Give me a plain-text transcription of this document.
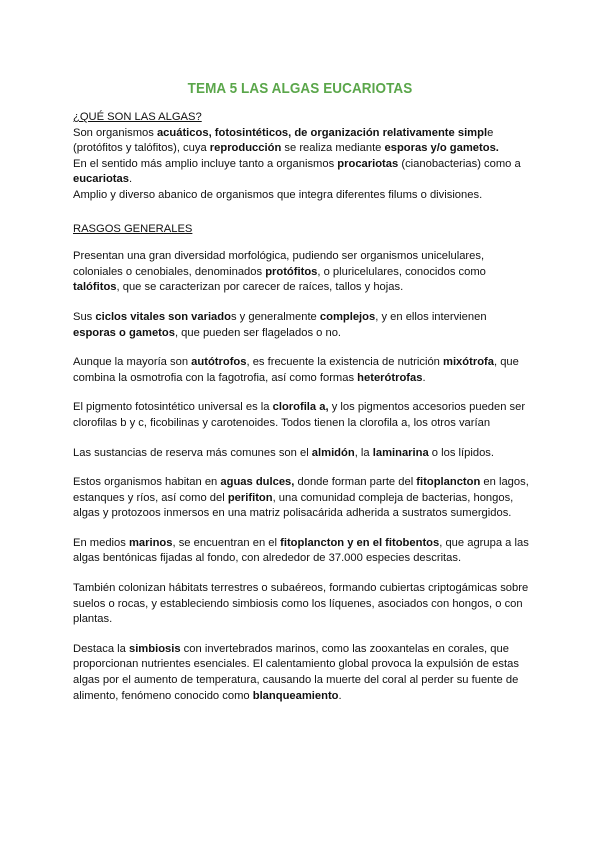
TEMA 5 LAS ALGAS EUCARIOTAS

¿QUÉ SON LAS ALGAS?

Son organismos acuáticos, fotosintéticos, de organización relativamente simple
(protófitos y talófitos), cuya reproducción se realiza mediante esporas y/o gametos.
En el sentido más amplio incluye tanto a organismos procariotas (cianobacterias) como a
eucariotas.
Amplio y diverso abanico de organismos que integra diferentes filums o divisiones.

RASGOS GENERALES

Presentan una gran diversidad morfológica, pudiendo ser organismos unicelulares,
coloniales o cenobiales, denominados protófitos, o pluricelulares, conocidos como
talófitos, que se caracterizan por carecer de raíces, tallos y hojas.
Sus ciclos vitales son variados y generalmente complejos, y en ellos intervienen
esporas o gametos, que pueden ser flagelados o no.
Aunque la mayoría son autótrofos, es frecuente la existencia de nutrición mixótrofa, que
combina la osmotrofia con la fagotrofia, así como formas heterótrofas.
El pigmento fotosintético universal es la clorofila a, y los pigmentos accesorios pueden ser
clorofilas b y c, ficobilinas y carotenoides. Todos tienen la clorofila a, los otros varían
Las sustancias de reserva más comunes son el almidón, la laminarina o los lípidos.
Estos organismos habitan en aguas dulces, donde forman parte del fitoplancton en lagos,
estanques y ríos, así como del perifiton, una comunidad compleja de bacterias, hongos,
algas y protozoos inmersos en una matriz polisacárida adherida a sustratos sumergidos.
En medios marinos, se encuentran en el fitoplancton y en el fitobentos, que agrupa a las
algas bentónicas fijadas al fondo, con alrededor de 37.000 especies descritas.
También colonizan hábitats terrestres o subaéreos, formando cubiertas criptogámicas sobre
suelos o rocas, y estableciendo simbiosis como los líquenes, asociados con hongos, o con
plantas.
Destaca la simbiosis con invertebrados marinos, como las zooxantelas en corales, que
proporcionan nutrientes esenciales. El calentamiento global provoca la expulsión de estas
algas por el aumento de temperatura, causando la muerte del coral al perder su fuente de
alimento, fenómeno conocido como blanqueamiento.
